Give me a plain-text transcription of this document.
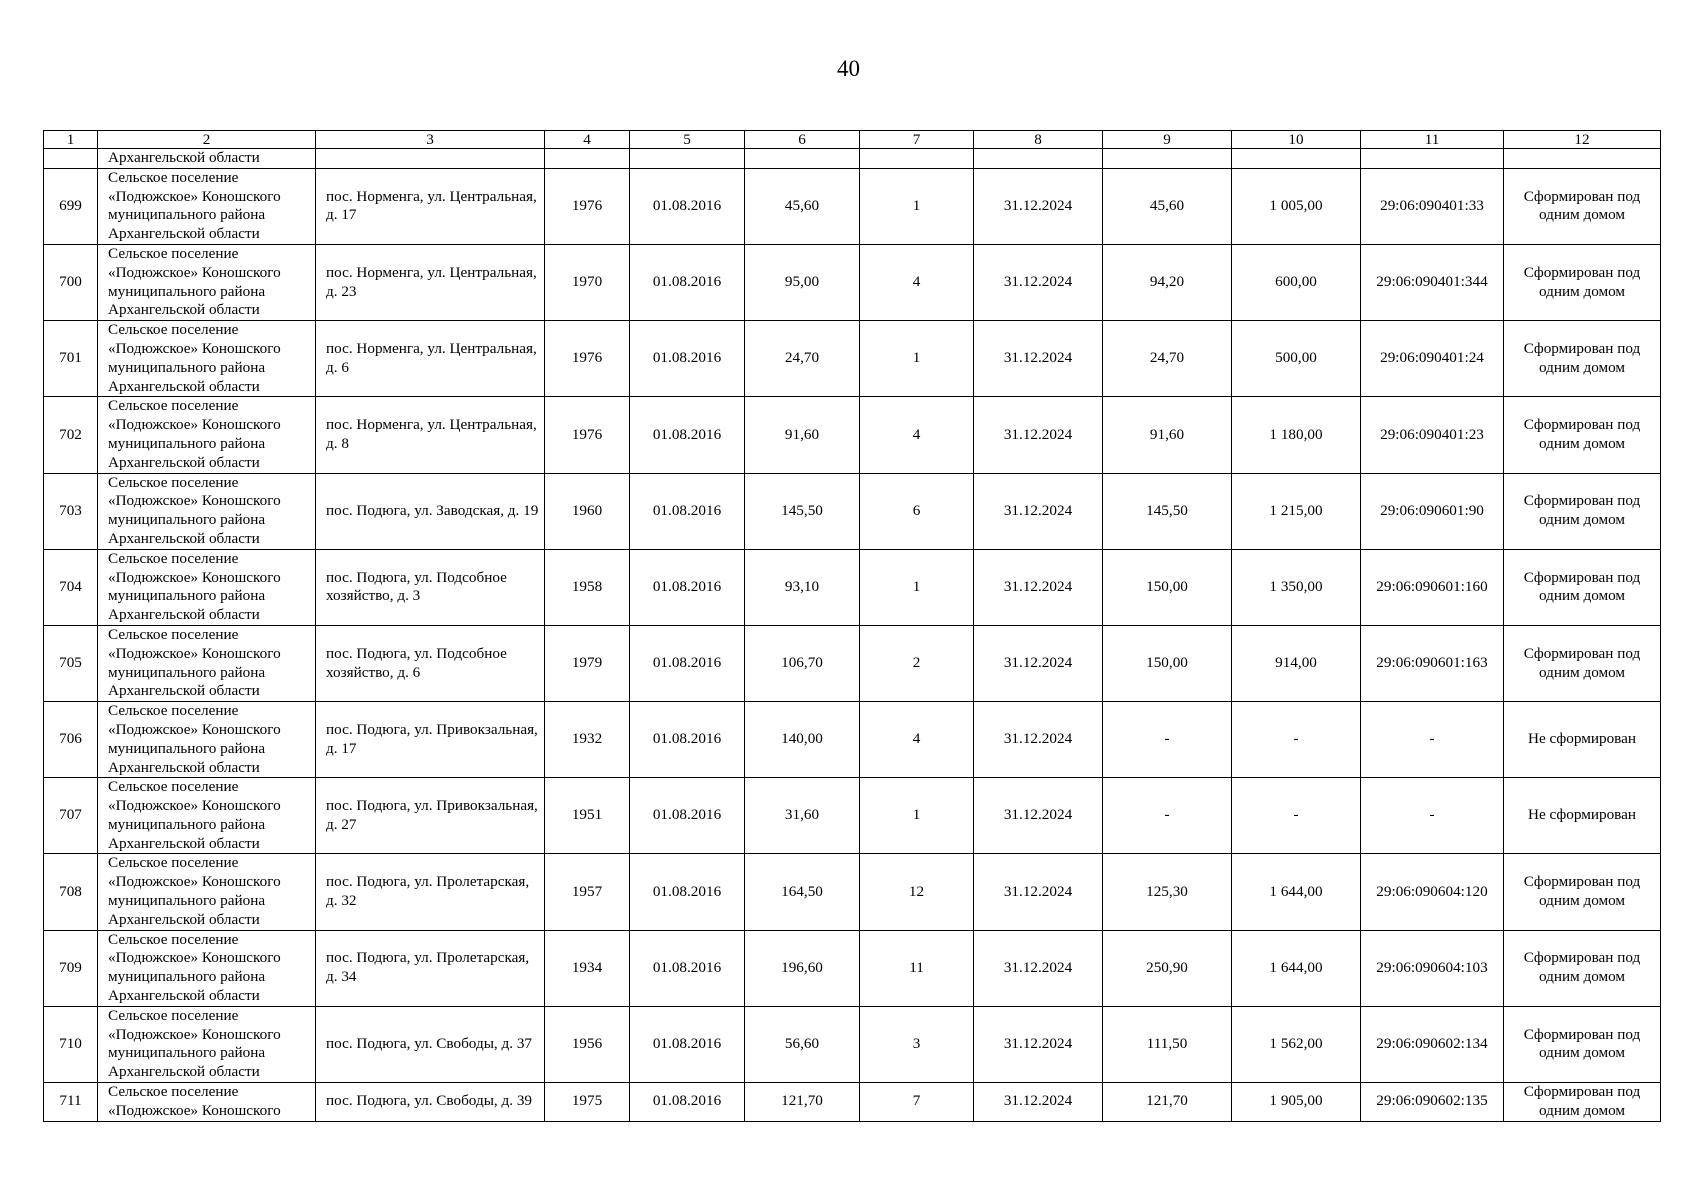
40
1	2	3	4	5	6	7	8	9	10	11	12
	Архангельской области										
699	Сельское поселение «Подюжское» Коношского муниципального района Архангельской области	пос. Норменга, ул. Центральная, д. 17	1976	01.08.2016	45,60	1	31.12.2024	45,60	1 005,00	29:06:090401:33	Сформирован под одним домом
700	Сельское поселение «Подюжское» Коношского муниципального района Архангельской области	пос. Норменга, ул. Центральная, д. 23	1970	01.08.2016	95,00	4	31.12.2024	94,20	600,00	29:06:090401:344	Сформирован под одним домом
701	Сельское поселение «Подюжское» Коношского муниципального района Архангельской области	пос. Норменга, ул. Центральная, д. 6	1976	01.08.2016	24,70	1	31.12.2024	24,70	500,00	29:06:090401:24	Сформирован под одним домом
702	Сельское поселение «Подюжское» Коношского муниципального района Архангельской области	пос. Норменга, ул. Центральная, д. 8	1976	01.08.2016	91,60	4	31.12.2024	91,60	1 180,00	29:06:090401:23	Сформирован под одним домом
703	Сельское поселение «Подюжское» Коношского муниципального района Архангельской области	пос. Подюга, ул. Заводская, д. 19	1960	01.08.2016	145,50	6	31.12.2024	145,50	1 215,00	29:06:090601:90	Сформирован под одним домом
704	Сельское поселение «Подюжское» Коношского муниципального района Архангельской области	пос. Подюга, ул. Подсобное хозяйство, д. 3	1958	01.08.2016	93,10	1	31.12.2024	150,00	1 350,00	29:06:090601:160	Сформирован под одним домом
705	Сельское поселение «Подюжское» Коношского муниципального района Архангельской области	пос. Подюга, ул. Подсобное хозяйство, д. 6	1979	01.08.2016	106,70	2	31.12.2024	150,00	914,00	29:06:090601:163	Сформирован под одним домом
706	Сельское поселение «Подюжское» Коношского муниципального района Архангельской области	пос. Подюга, ул. Привокзальная, д. 17	1932	01.08.2016	140,00	4	31.12.2024	-	-	-	Не сформирован
707	Сельское поселение «Подюжское» Коношского муниципального района Архангельской области	пос. Подюга, ул. Привокзальная, д. 27	1951	01.08.2016	31,60	1	31.12.2024	-	-	-	Не сформирован
708	Сельское поселение «Подюжское» Коношского муниципального района Архангельской области	пос. Подюга, ул. Пролетарская, д. 32	1957	01.08.2016	164,50	12	31.12.2024	125,30	1 644,00	29:06:090604:120	Сформирован под одним домом
709	Сельское поселение «Подюжское» Коношского муниципального района Архангельской области	пос. Подюга, ул. Пролетарская, д. 34	1934	01.08.2016	196,60	11	31.12.2024	250,90	1 644,00	29:06:090604:103	Сформирован под одним домом
710	Сельское поселение «Подюжское» Коношского муниципального района Архангельской области	пос. Подюга, ул. Свободы, д. 37	1956	01.08.2016	56,60	3	31.12.2024	111,50	1 562,00	29:06:090602:134	Сформирован под одним домом
711	Сельское поселение «Подюжское» Коношского	пос. Подюга, ул. Свободы, д. 39	1975	01.08.2016	121,70	7	31.12.2024	121,70	1 905,00	29:06:090602:135	Сформирован под одним домом
